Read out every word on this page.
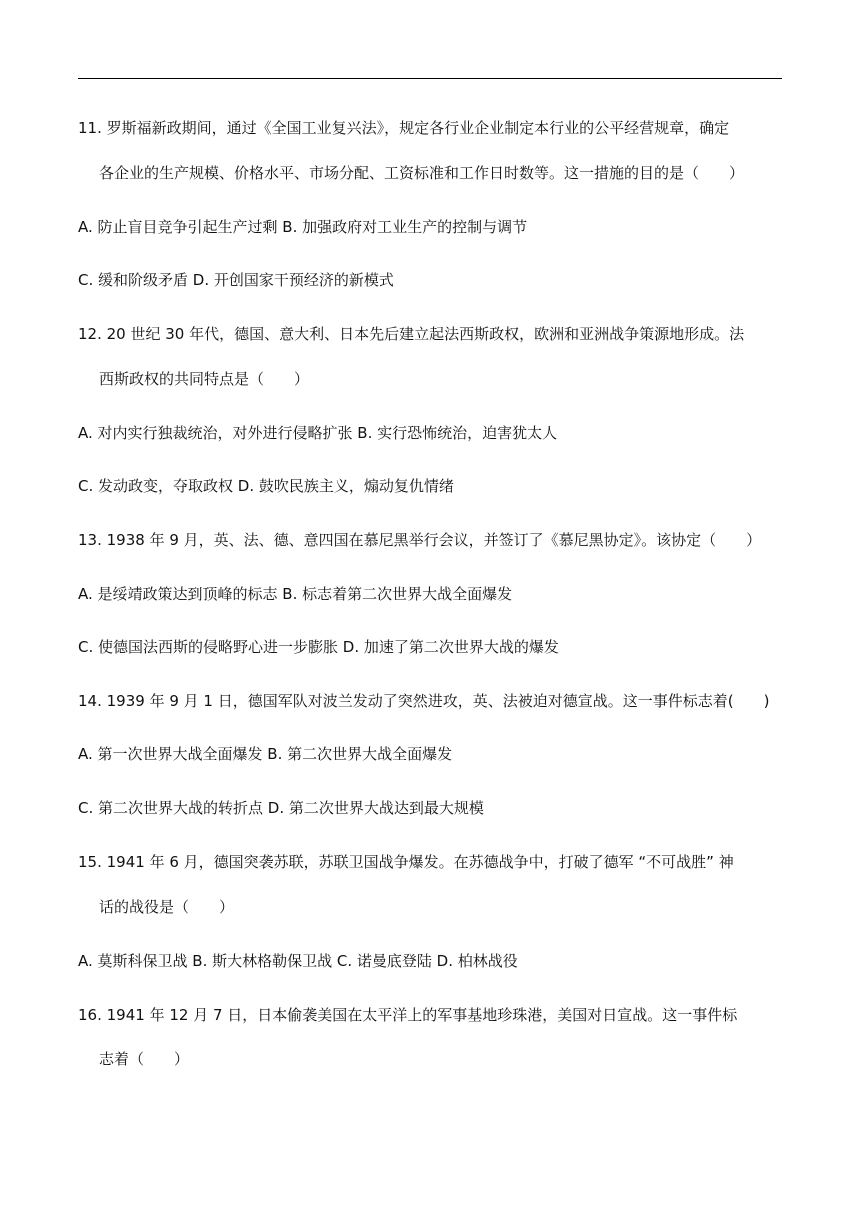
11. 罗斯福新政期间，通过《全国工业复兴法》，规定各行业企业制定本行业的公平经营规章，确定
各企业的生产规模、价格水平、市场分配、工资标准和工作日时数等。这一措施的目的是（　　）
A. 防止盲目竞争引起生产过剩 B. 加强政府对工业生产的控制与调节
C. 缓和阶级矛盾 D. 开创国家干预经济的新模式
12. 20 世纪 30 年代，德国、意大利、日本先后建立起法西斯政权，欧洲和亚洲战争策源地形成。法
西斯政权的共同特点是（　　）
A. 对内实行独裁统治，对外进行侵略扩张 B. 实行恐怖统治，迫害犹太人
C. 发动政变，夺取政权 D. 鼓吹民族主义，煽动复仇情绪
13. 1938 年 9 月，英、法、德、意四国在慕尼黑举行会议，并签订了《慕尼黑协定》。该协定（　　）
A. 是绥靖政策达到顶峰的标志 B. 标志着第二次世界大战全面爆发
C. 使德国法西斯的侵略野心进一步膨胀 D. 加速了第二次世界大战的爆发
14. 1939 年 9 月 1 日，德国军队对波兰发动了突然进攻，英、法被迫对德宣战。这一事件标志着(　　)
A. 第一次世界大战全面爆发 B. 第二次世界大战全面爆发
C. 第二次世界大战的转折点 D. 第二次世界大战达到最大规模
15. 1941 年 6 月，德国突袭苏联，苏联卫国战争爆发。在苏德战争中，打破了德军 “不可战胜” 神
话的战役是（　　）
A. 莫斯科保卫战 B. 斯大林格勒保卫战 C. 诺曼底登陆 D. 柏林战役
16. 1941 年 12 月 7 日，日本偷袭美国在太平洋上的军事基地珍珠港，美国对日宣战。这一事件标
志着（　　）
